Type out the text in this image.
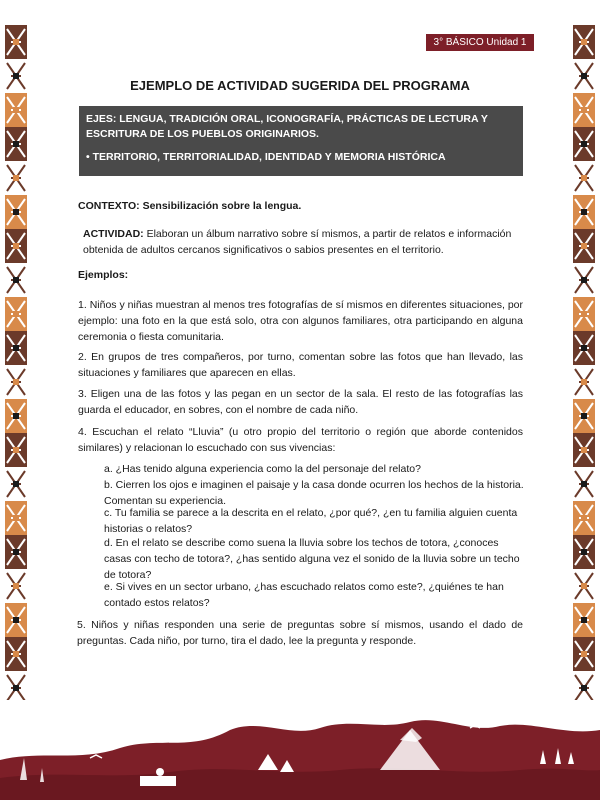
3° BÁSICO Unidad 1
EJEMPLO DE ACTIVIDAD SUGERIDA DEL PROGRAMA
EJES: LENGUA, TRADICIÓN ORAL, ICONOGRAFÍA, PRÁCTICAS DE LECTURA Y ESCRITURA DE LOS PUEBLOS ORIGINARIOS.
• TERRITORIO, TERRITORIALIDAD, IDENTIDAD Y MEMORIA HISTÓRICA
CONTEXTO: Sensibilización sobre la lengua.
ACTIVIDAD: Elaboran un álbum narrativo sobre sí mismos, a partir de relatos e información obtenida de adultos cercanos significativos o sabios presentes en el territorio.
Ejemplos:
1. Niños y niñas muestran al menos tres fotografías de sí mismos en diferentes situaciones, por ejemplo: una foto en la que está solo, otra con algunos familiares, otra participando en alguna ceremonia o fiesta comunitaria.
2. En grupos de tres compañeros, por turno, comentan sobre las fotos que han llevado, las situaciones y familiares que aparecen en ellas.
3. Eligen una de las fotos y las pegan en un sector de la sala. El resto de las fotografías las guarda el educador, en sobres, con el nombre de cada niño.
4. Escuchan el relato “Lluvia” (u otro propio del territorio o región que aborde contenidos similares) y relacionan lo escuchado con sus vivencias:
a. ¿Has tenido alguna experiencia como la del personaje del relato?
b. Cierren los ojos e imaginen el paisaje y la casa donde ocurren los hechos de la historia. Comentan su experiencia.
c. Tu familia se parece a la descrita en el relato, ¿por qué?, ¿en tu familia alguien cuenta historias o relatos?
d. En el relato se describe como suena la lluvia sobre los techos de totora, ¿conoces casas con techo de totora?, ¿has sentido alguna vez el sonido de la lluvia sobre un techo de totora?
e. Si vives en un sector urbano, ¿has escuchado relatos como este?, ¿quiénes te han contado estos relatos?
5. Niños y niñas responden una serie de preguntas sobre sí mismos, usando el dado de preguntas. Cada niño, por turno, tira el dado, lee la pregunta y responde.
